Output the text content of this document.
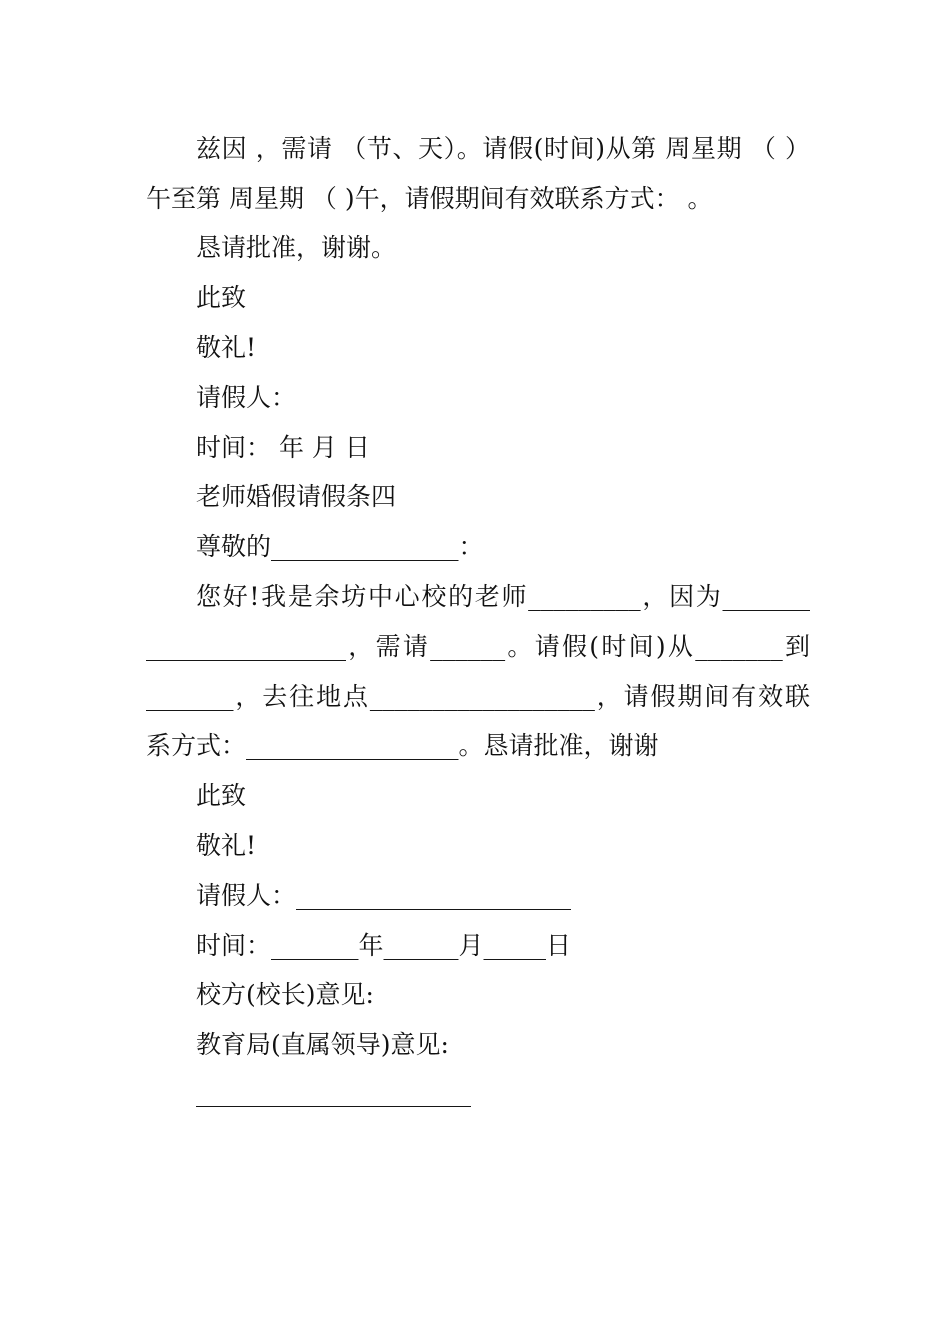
兹因 ，需请 （节、天）。请假(时间)从第 周星期 （ ）
午至第 周星期 （ )午，请假期间有效联系方式： 。
恳请批准，谢谢。
此致
敬礼!
请假人：
时间： 年 月 日
老师婚假请假条四
尊敬的_______________：
您好!我是余坊中心校的老师_________，因为_______
________________，需请______。请假(时间)从_______到
_______，去往地点__________________，请假期间有效联
系方式：_________________。恳请批准，谢谢
此致
敬礼!
请假人：______________________
时间：_______年______月_____日
校方(校长)意见:
教育局(直属领导)意见:
______________________
